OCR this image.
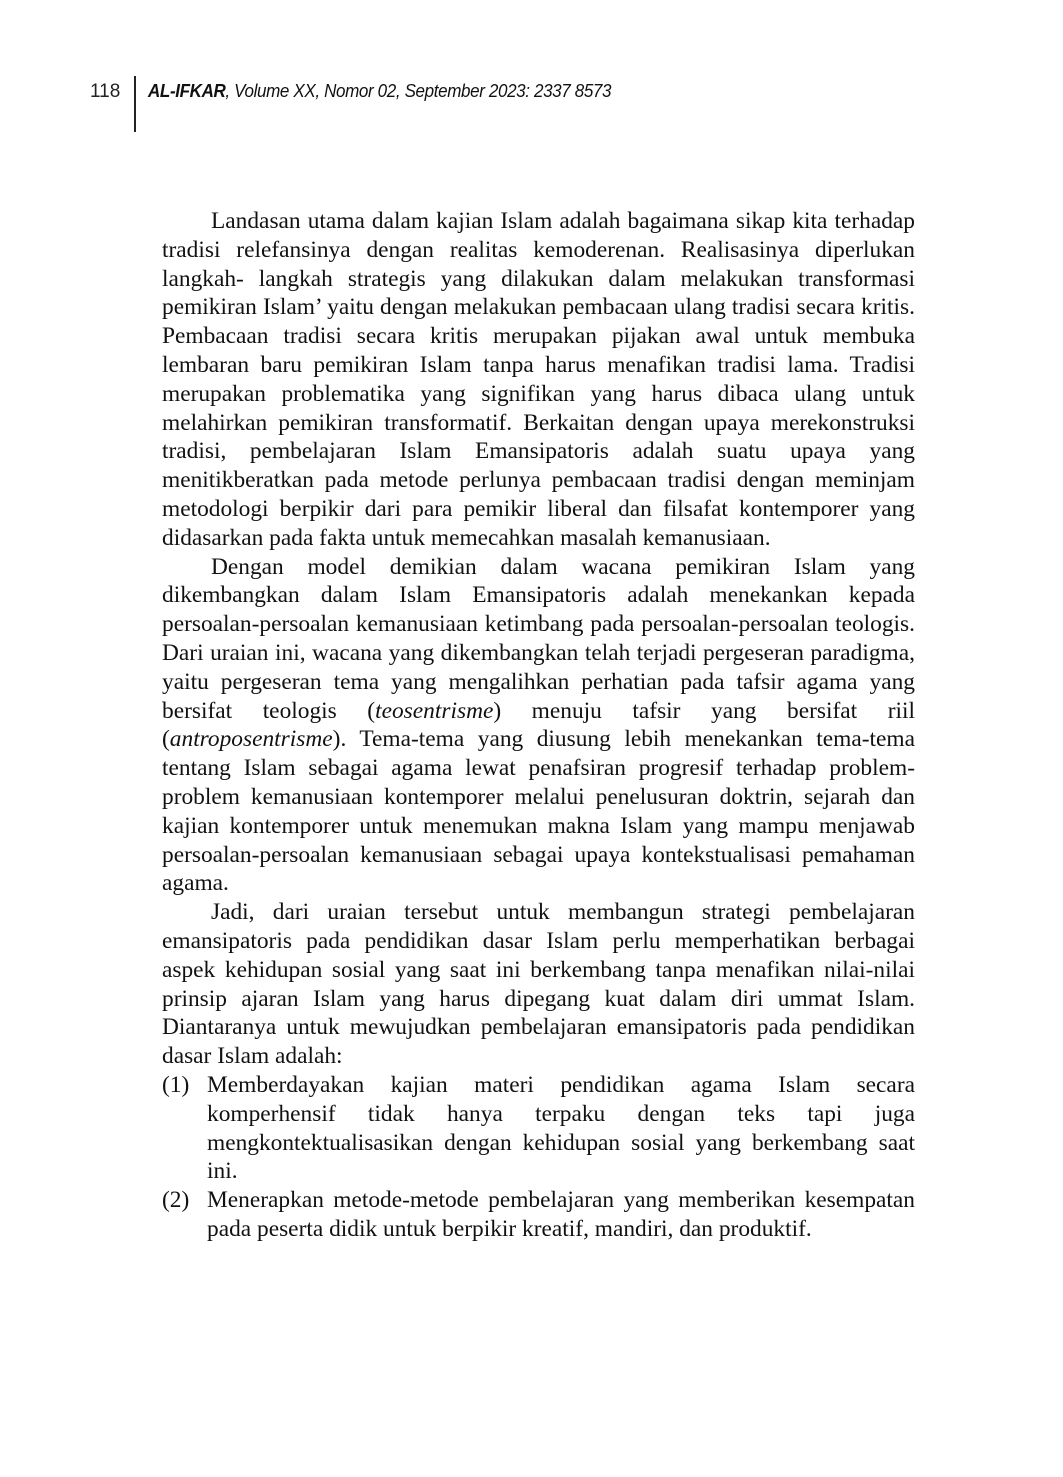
118 AL-IFKAR, Volume XX, Nomor 02, September 2023: 2337 8573

Landasan utama dalam kajian Islam adalah bagaimana sikap kita terhadap tradisi relefansinya dengan realitas kemoderenan. Realisasinya diperlukan langkah- langkah strategis yang dilakukan dalam melakukan transformasi pemikiran Islam’ yaitu dengan melakukan pembacaan ulang tradisi secara kritis. Pembacaan tradisi secara kritis merupakan pijakan awal untuk membuka lembaran baru pemikiran Islam tanpa harus menafikan tradisi lama. Tradisi merupakan problematika yang signifikan yang harus dibaca ulang untuk melahirkan pemikiran transformatif. Berkaitan dengan upaya merekonstruksi tradisi, pembelajaran Islam Emansipatoris adalah suatu upaya yang menitikberatkan pada metode perlunya pembacaan tradisi dengan meminjam metodologi berpikir dari para pemikir liberal dan filsafat kontemporer yang didasarkan pada fakta untuk memecahkan masalah kemanusiaan.

Dengan model demikian dalam wacana pemikiran Islam yang dikembangkan dalam Islam Emansipatoris adalah menekankan kepada persoalan-persoalan kemanusiaan ketimbang pada persoalan-persoalan teologis. Dari uraian ini, wacana yang dikembangkan telah terjadi pergeseran paradigma, yaitu pergeseran tema yang mengalihkan perhatian pada tafsir agama yang bersifat teologis (teosentrisme) menuju tafsir yang bersifat riil (antroposentrisme). Tema-tema yang diusung lebih menekankan tema-tema tentang Islam sebagai agama lewat penafsiran progresif terhadap problem- problem kemanusiaan kontemporer melalui penelusuran doktrin, sejarah dan kajian kontemporer untuk menemukan makna Islam yang mampu menjawab persoalan-persoalan kemanusiaan sebagai upaya kontekstualisasi pemahaman agama.

Jadi, dari uraian tersebut untuk membangun strategi pembelajaran emansipatoris pada pendidikan dasar Islam perlu memperhatikan berbagai aspek kehidupan sosial yang saat ini berkembang tanpa menafikan nilai-nilai prinsip ajaran Islam yang harus dipegang kuat dalam diri ummat Islam. Diantaranya untuk mewujudkan pembelajaran emansipatoris pada pendidikan dasar Islam adalah:

(1) Memberdayakan kajian materi pendidikan agama Islam secara komperhensif tidak hanya terpaku dengan teks tapi juga mengkontektualisasikan dengan kehidupan sosial yang berkembang saat ini.
(2) Menerapkan metode-metode pembelajaran yang memberikan kesempatan pada peserta didik untuk berpikir kreatif, mandiri, dan produktif.
